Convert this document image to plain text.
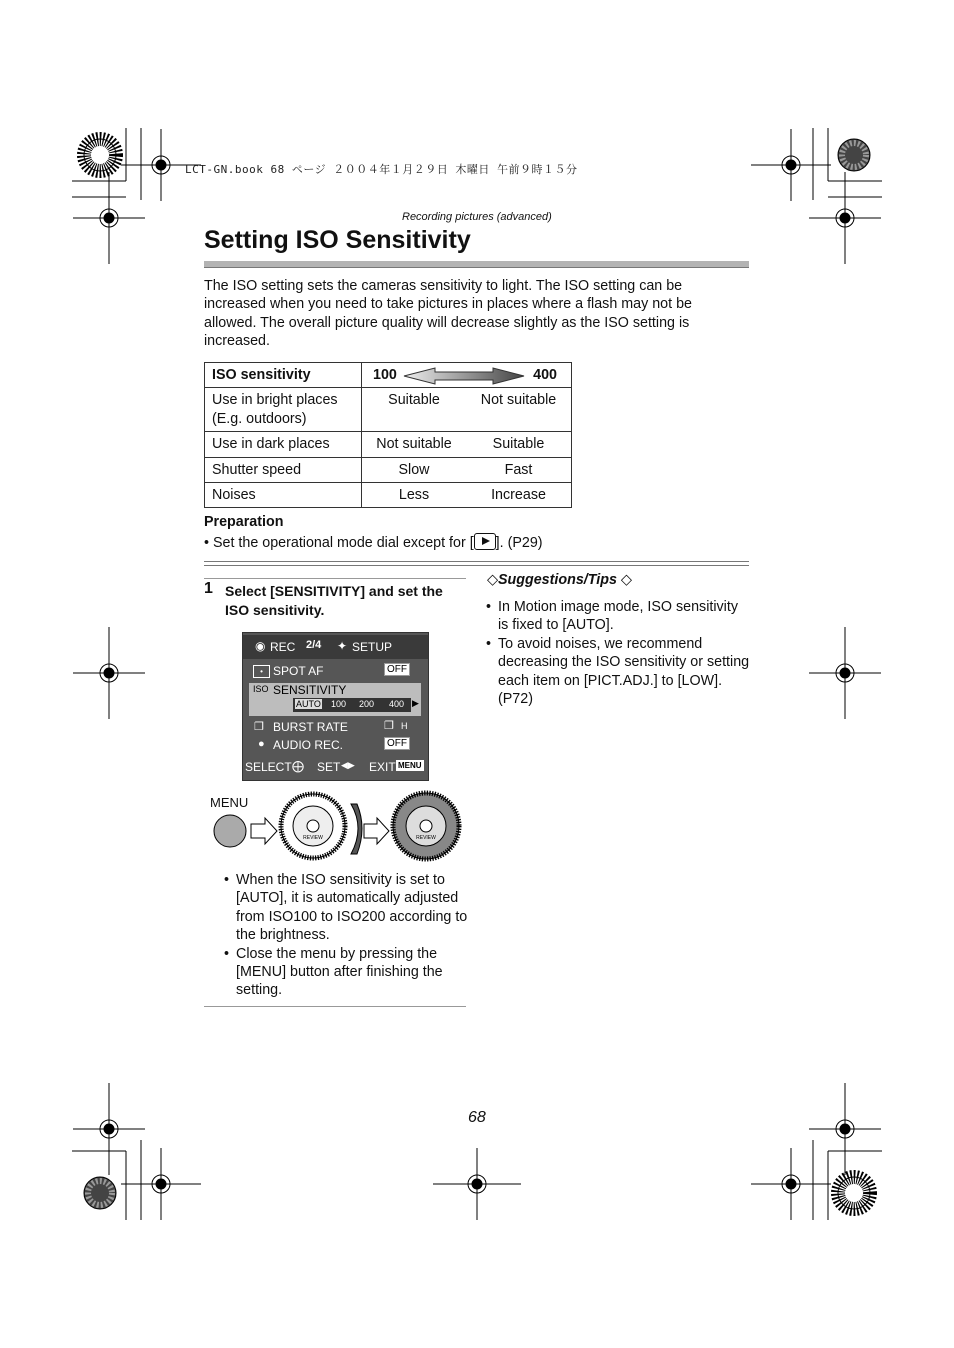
LCT-GN.book 68 ページ ２００４年１月２９日 木曜日 午前９時１５分
Recording pictures (advanced)
Setting ISO Sensitivity

The ISO setting sets the cameras sensitivity to light. The ISO setting can be increased when you need to take pictures in places where a flash may not be allowed. The overall picture quality will decrease slightly as the ISO setting is increased.

ISO sensitivity	100 400	

Use in bright places (E.g. outdoors)	Suitable	Not suitable
Use in dark places	Not suitable	Suitable
Shutter speed	Slow	Fast
Noises	Less	Increase
Preparation
• Set the operational mode dial except for [ ]. (P29)
1 Select [SENSITIVITY] and set the ISO sensitivity.
◉ REC 2/4 ✦ SETUP
• SPOT AF	OFF
ISO SENSITIVITY
AUTO 100 200 400 ▶
❐ BURST RATE	❐ H
● AUDIO REC.	OFF
SELECT ⨁ SET ◀▶ EXIT MENU
MENU
REVIEW	REVIEW
• When the ISO sensitivity is set to [AUTO], it is automatically adjusted from ISO100 to ISO200 according to the brightness.
• Close the menu by pressing the [MENU] button after finishing the setting.
◇Suggestions/Tips ◇
• In Motion image mode, ISO sensitivity is fixed to [AUTO].
• To avoid noises, we recommend decreasing the ISO sensitivity or setting each item on [PICT.ADJ.] to [LOW]. (P72)
68
